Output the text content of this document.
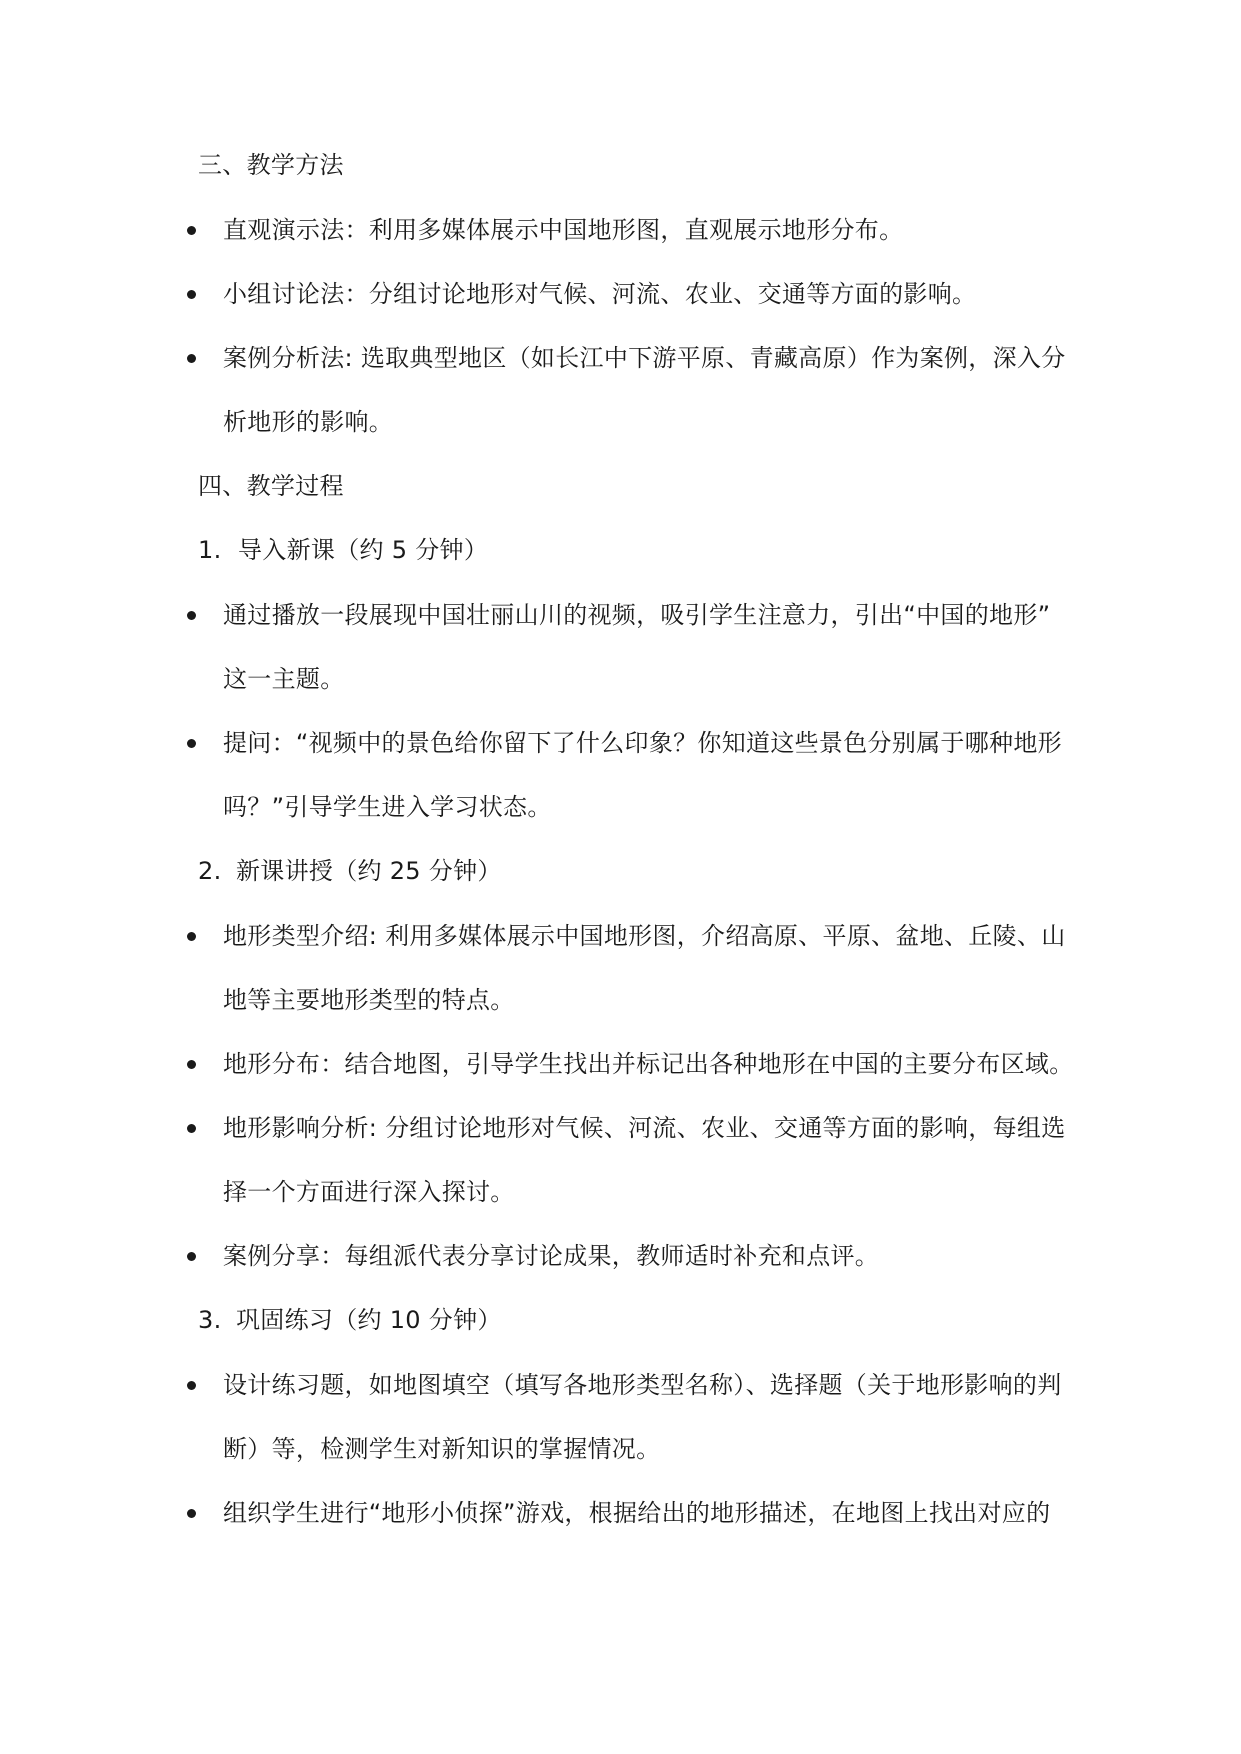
三、教学方法
直观演示法：利用多媒体展示中国地形图，直观展示地形分布。
小组讨论法：分组讨论地形对气候、河流、农业、交通等方面的影响。
案例分析法: 选取典型地区（如长江中下游平原、青藏高原）作为案例，深入分
析地形的影响。
四、教学过程
1. 导入新课（约 5 分钟）
通过播放一段展现中国壮丽山川的视频，吸引学生注意力，引出“中国的地形”
这一主题。
提问：“视频中的景色给你留下了什么印象？你知道这些景色分别属于哪种地形
吗？”引导学生进入学习状态。
2. 新课讲授（约 25 分钟）
地形类型介绍: 利用多媒体展示中国地形图，介绍高原、平原、盆地、丘陵、山
地等主要地形类型的特点。
地形分布：结合地图，引导学生找出并标记出各种地形在中国的主要分布区域。
地形影响分析: 分组讨论地形对气候、河流、农业、交通等方面的影响，每组选
择一个方面进行深入探讨。
案例分享：每组派代表分享讨论成果，教师适时补充和点评。
3. 巩固练习（约 10 分钟）
设计练习题，如地图填空（填写各地形类型名称）、选择题（关于地形影响的判
断）等，检测学生对新知识的掌握情况。
组织学生进行“地形小侦探”游戏，根据给出的地形描述，在地图上找出对应的
